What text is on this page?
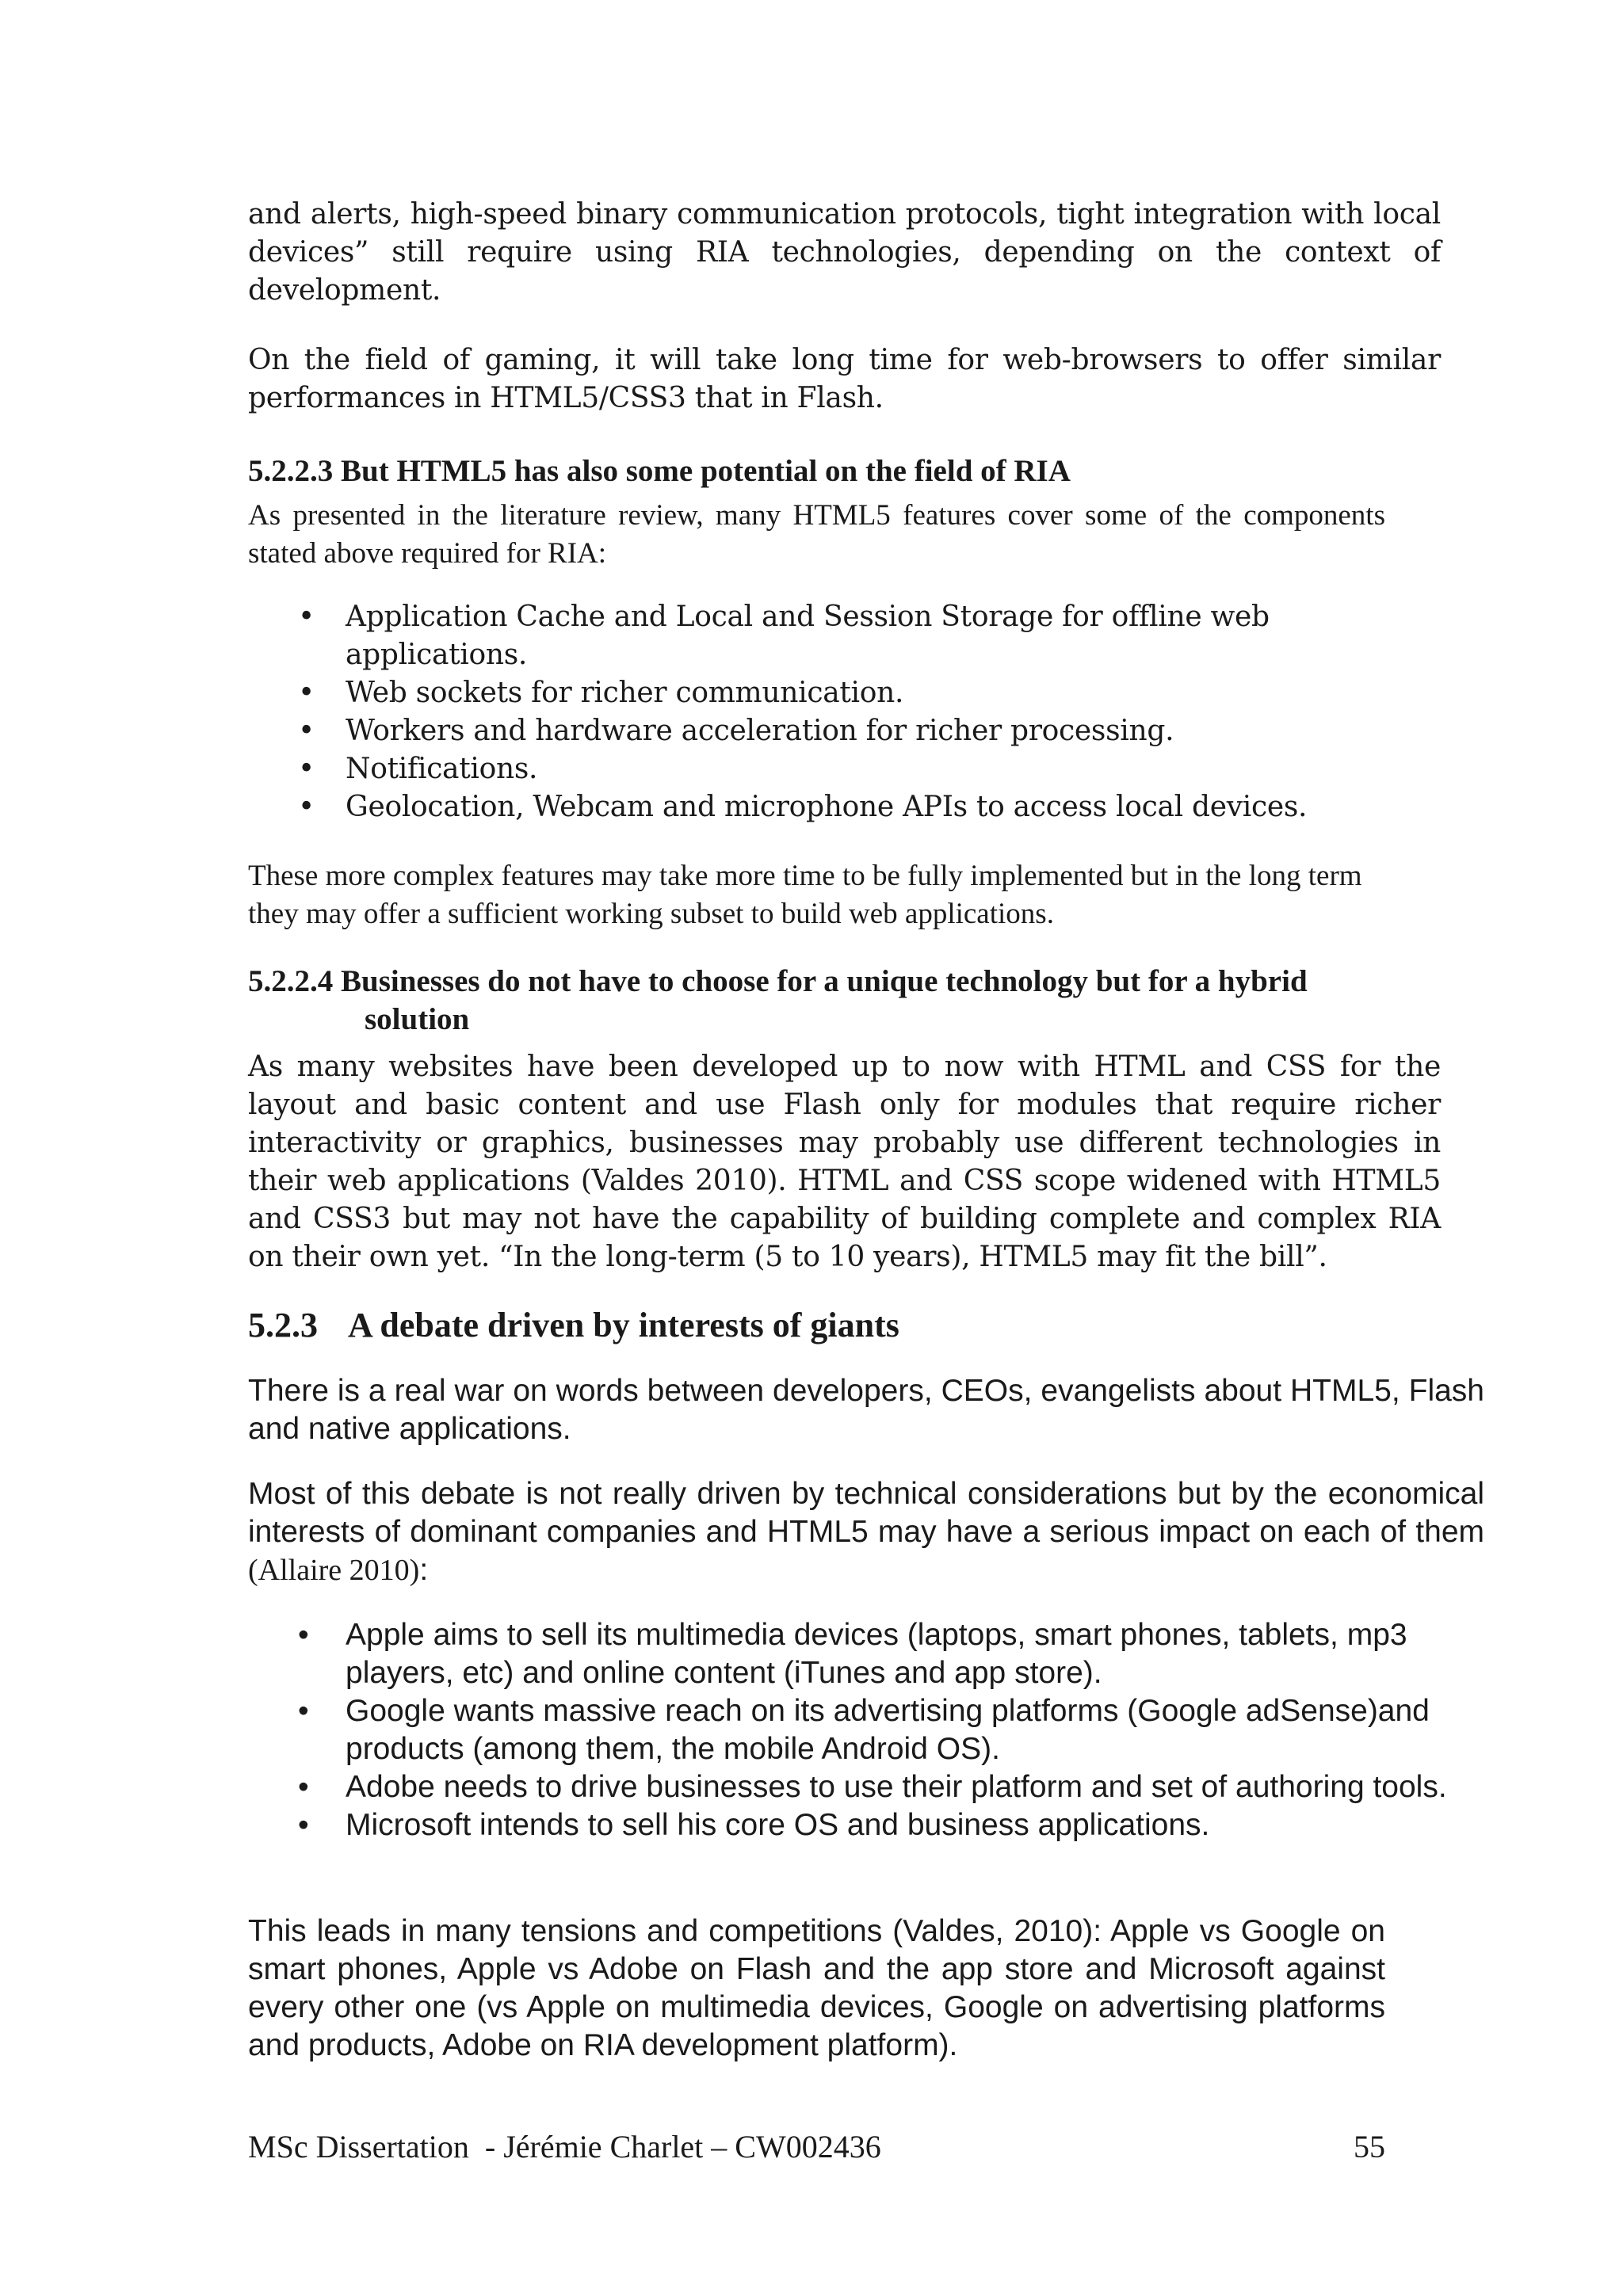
and alerts, high-speed binary communication protocols, tight integration with local devices” still require using RIA technologies, depending on the context of development.

On the field of gaming, it will take long time for web-browsers to offer similar performances in HTML5/CSS3 that in Flash.

5.2.2.3 But HTML5 has also some potential on the field of RIA

As presented in the literature review, many HTML5 features cover some of the components stated above required for RIA:

• Application Cache and Local and Session Storage for offline web applications.
• Web sockets for richer communication.
• Workers and hardware acceleration for richer processing.
• Notifications.
• Geolocation, Webcam and microphone APIs to access local devices.

These more complex features may take more time to be fully implemented but in the long term they may offer a sufficient working subset to build web applications.

5.2.2.4 Businesses do not have to choose for a unique technology but for a hybrid
solution

As many websites have been developed up to now with HTML and CSS for the layout and basic content and use Flash only for modules that require richer interactivity or graphics, businesses may probably use different technologies in their web applications (Valdes 2010). HTML and CSS scope widened with HTML5 and CSS3 but may not have the capability of building complete and complex RIA on their own yet. “In the long-term (5 to 10 years), HTML5 may fit the bill”.

5.2.3 A debate driven by interests of giants

There is a real war on words between developers, CEOs, evangelists about HTML5, Flash and native applications.

Most of this debate is not really driven by technical considerations but by the economical interests of dominant companies and HTML5 may have a serious impact on each of them (Allaire 2010):

• Apple aims to sell its multimedia devices (laptops, smart phones, tablets, mp3 players, etc) and online content (iTunes and app store).
• Google wants massive reach on its advertising platforms (Google adSense)and products (among them, the mobile Android OS).
• Adobe needs to drive businesses to use their platform and set of authoring tools.
• Microsoft intends to sell his core OS and business applications.

This leads in many tensions and competitions (Valdes, 2010): Apple vs Google on smart phones, Apple vs Adobe on Flash and the app store and Microsoft against every other one (vs Apple on multimedia devices, Google on advertising platforms and products, Adobe on RIA development platform).

MSc Dissertation  - Jérémie Charlet – CW002436	55
